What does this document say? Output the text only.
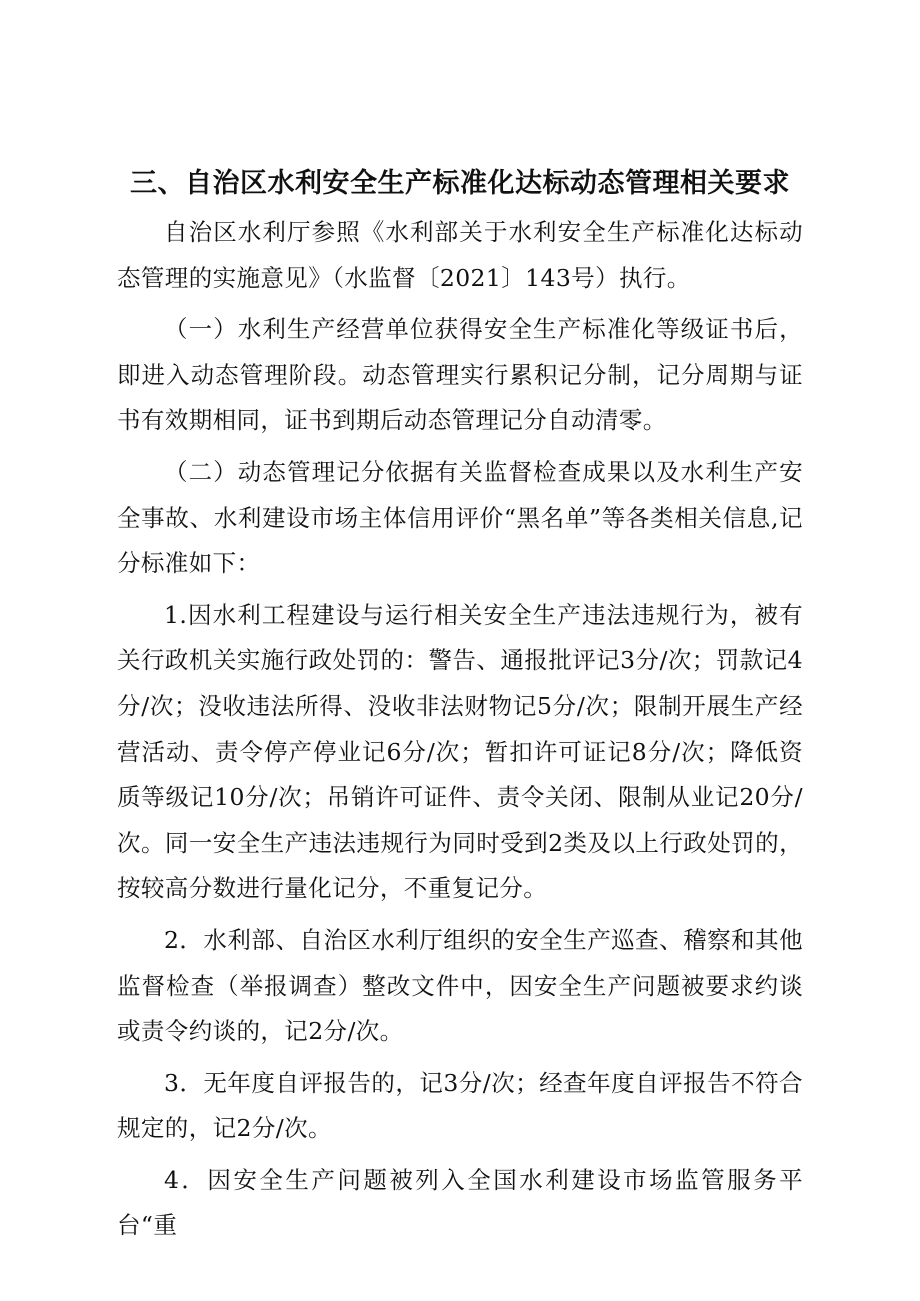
三、自治区水利安全生产标准化达标动态管理相关要求

自治区水利厅参照《水利部关于水利安全生产标准化达标动态管理的实施意见》（水监督〔2021〕143号）执行。

（一）水利生产经营单位获得安全生产标准化等级证书后，即进入动态管理阶段。动态管理实行累积记分制，记分周期与证书有效期相同，证书到期后动态管理记分自动清零。

（二）动态管理记分依据有关监督检查成果以及水利生产安全事故、水利建设市场主体信用评价“黑名单”等各类相关信息,记分标准如下：

1.因水利工程建设与运行相关安全生产违法违规行为，被有关行政机关实施行政处罚的：警告、通报批评记3分/次；罚款记4分/次；没收违法所得、没收非法财物记5分/次；限制开展生产经营活动、责令停产停业记6分/次；暂扣许可证记8分/次；降低资质等级记10分/次；吊销许可证件、责令关闭、限制从业记20分/次。同一安全生产违法违规行为同时受到2类及以上行政处罚的，按较高分数进行量化记分，不重复记分。

2．水利部、自治区水利厅组织的安全生产巡查、稽察和其他监督检查（举报调查）整改文件中，因安全生产问题被要求约谈或责令约谈的，记2分/次。

3．无年度自评报告的，记3分/次；经查年度自评报告不符合规定的，记2分/次。

4．因安全生产问题被列入全国水利建设市场监管服务平台“重
